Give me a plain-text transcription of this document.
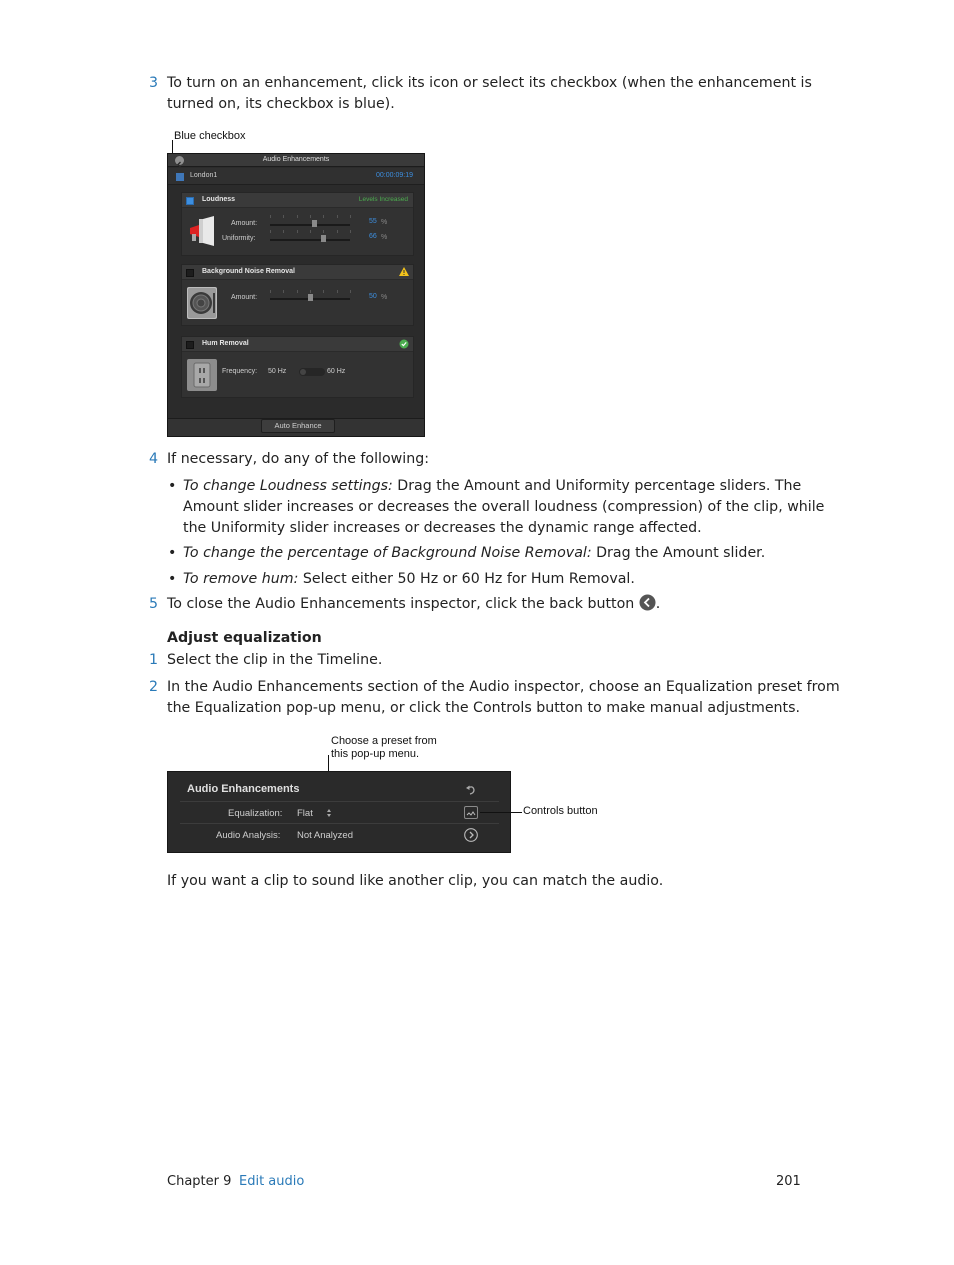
3 To turn on an enhancement, click its icon or select its checkbox (when the enhancement is
turned on, its checkbox is blue).
Blue checkbox
Audio Enhancements
London1	00:00:09:19
Loudness	Levels Increased
Amount:	55 %
Uniformity:	66 %
Background Noise Removal
Amount:	50 %
Hum Removal
Frequency: 50 Hz	60 Hz
Auto Enhance
4 If necessary, do any of the following:
• To change Loudness settings: Drag the Amount and Uniformity percentage sliders. The
Amount slider increases or decreases the overall loudness (compression) of the clip, while
the Uniformity slider increases or decreases the dynamic range affected.
• To change the percentage of Background Noise Removal: Drag the Amount slider.
• To remove hum: Select either 50 Hz or 60 Hz for Hum Removal.
5 To close the Audio Enhancements inspector, click the back button .
Adjust equalization
1 Select the clip in the Timeline.
2 In the Audio Enhancements section of the Audio inspector, choose an Equalization preset from
the Equalization pop-up menu, or click the Controls button to make manual adjustments.
Choose a preset from
this pop-up menu.
Audio Enhancements
Equalization: Flat
Audio Analysis: Not Analyzed
Controls button
If you want a clip to sound like another clip, you can match the audio.
Chapter 9 Edit audio	201
